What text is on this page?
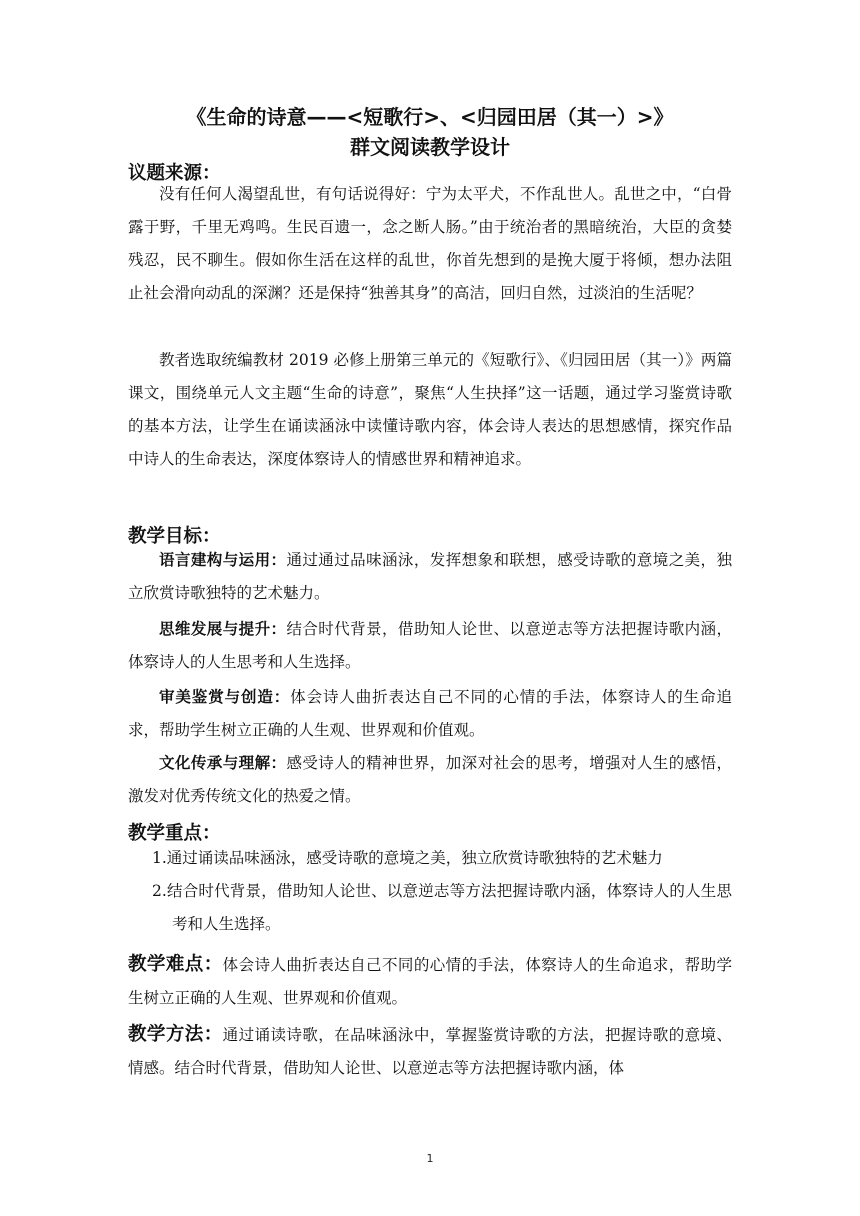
《生命的诗意——<短歌行>、<归园田居（其一）>》
群文阅读教学设计
议题来源：

没有任何人渴望乱世，有句话说得好：宁为太平犬，不作乱世人。乱世之中，“白骨露于野，千里无鸡鸣。生民百遗一，念之断人肠。”由于统治者的黑暗统治，大臣的贪婪残忍，民不聊生。假如你生活在这样的乱世，你首先想到的是挽大厦于将倾，想办法阻止社会滑向动乱的深渊？还是保持“独善其身”的高洁，回归自然，过淡泊的生活呢？

教者选取统编教材 2019 必修上册第三单元的《短歌行》、《归园田居（其一）》两篇课文，围绕单元人文主题“生命的诗意”，聚焦“人生抉择”这一话题，通过学习鉴赏诗歌的基本方法，让学生在诵读涵泳中读懂诗歌内容，体会诗人表达的思想感情，探究作品中诗人的生命表达，深度体察诗人的情感世界和精神追求。

教学目标：

语言建构与运用：通过通过品味涵泳，发挥想象和联想，感受诗歌的意境之美，独立欣赏诗歌独特的艺术魅力。

思维发展与提升：结合时代背景，借助知人论世、以意逆志等方法把握诗歌内涵，体察诗人的人生思考和人生选择。

审美鉴赏与创造：体会诗人曲折表达自己不同的心情的手法，体察诗人的生命追求，帮助学生树立正确的人生观、世界观和价值观。

文化传承与理解：感受诗人的精神世界，加深对社会的思考，增强对人生的感悟，激发对优秀传统文化的热爱之情。

教学重点：
1.通过诵读品味涵泳，感受诗歌的意境之美，独立欣赏诗歌独特的艺术魅力
2.结合时代背景，借助知人论世、以意逆志等方法把握诗歌内涵，体察诗人的人生思考和人生选择。

教学难点：体会诗人曲折表达自己不同的心情的手法，体察诗人的生命追求，帮助学生树立正确的人生观、世界观和价值观。

教学方法：通过诵读诗歌，在品味涵泳中，掌握鉴赏诗歌的方法，把握诗歌的意境、情感。结合时代背景，借助知人论世、以意逆志等方法把握诗歌内涵，体

1
